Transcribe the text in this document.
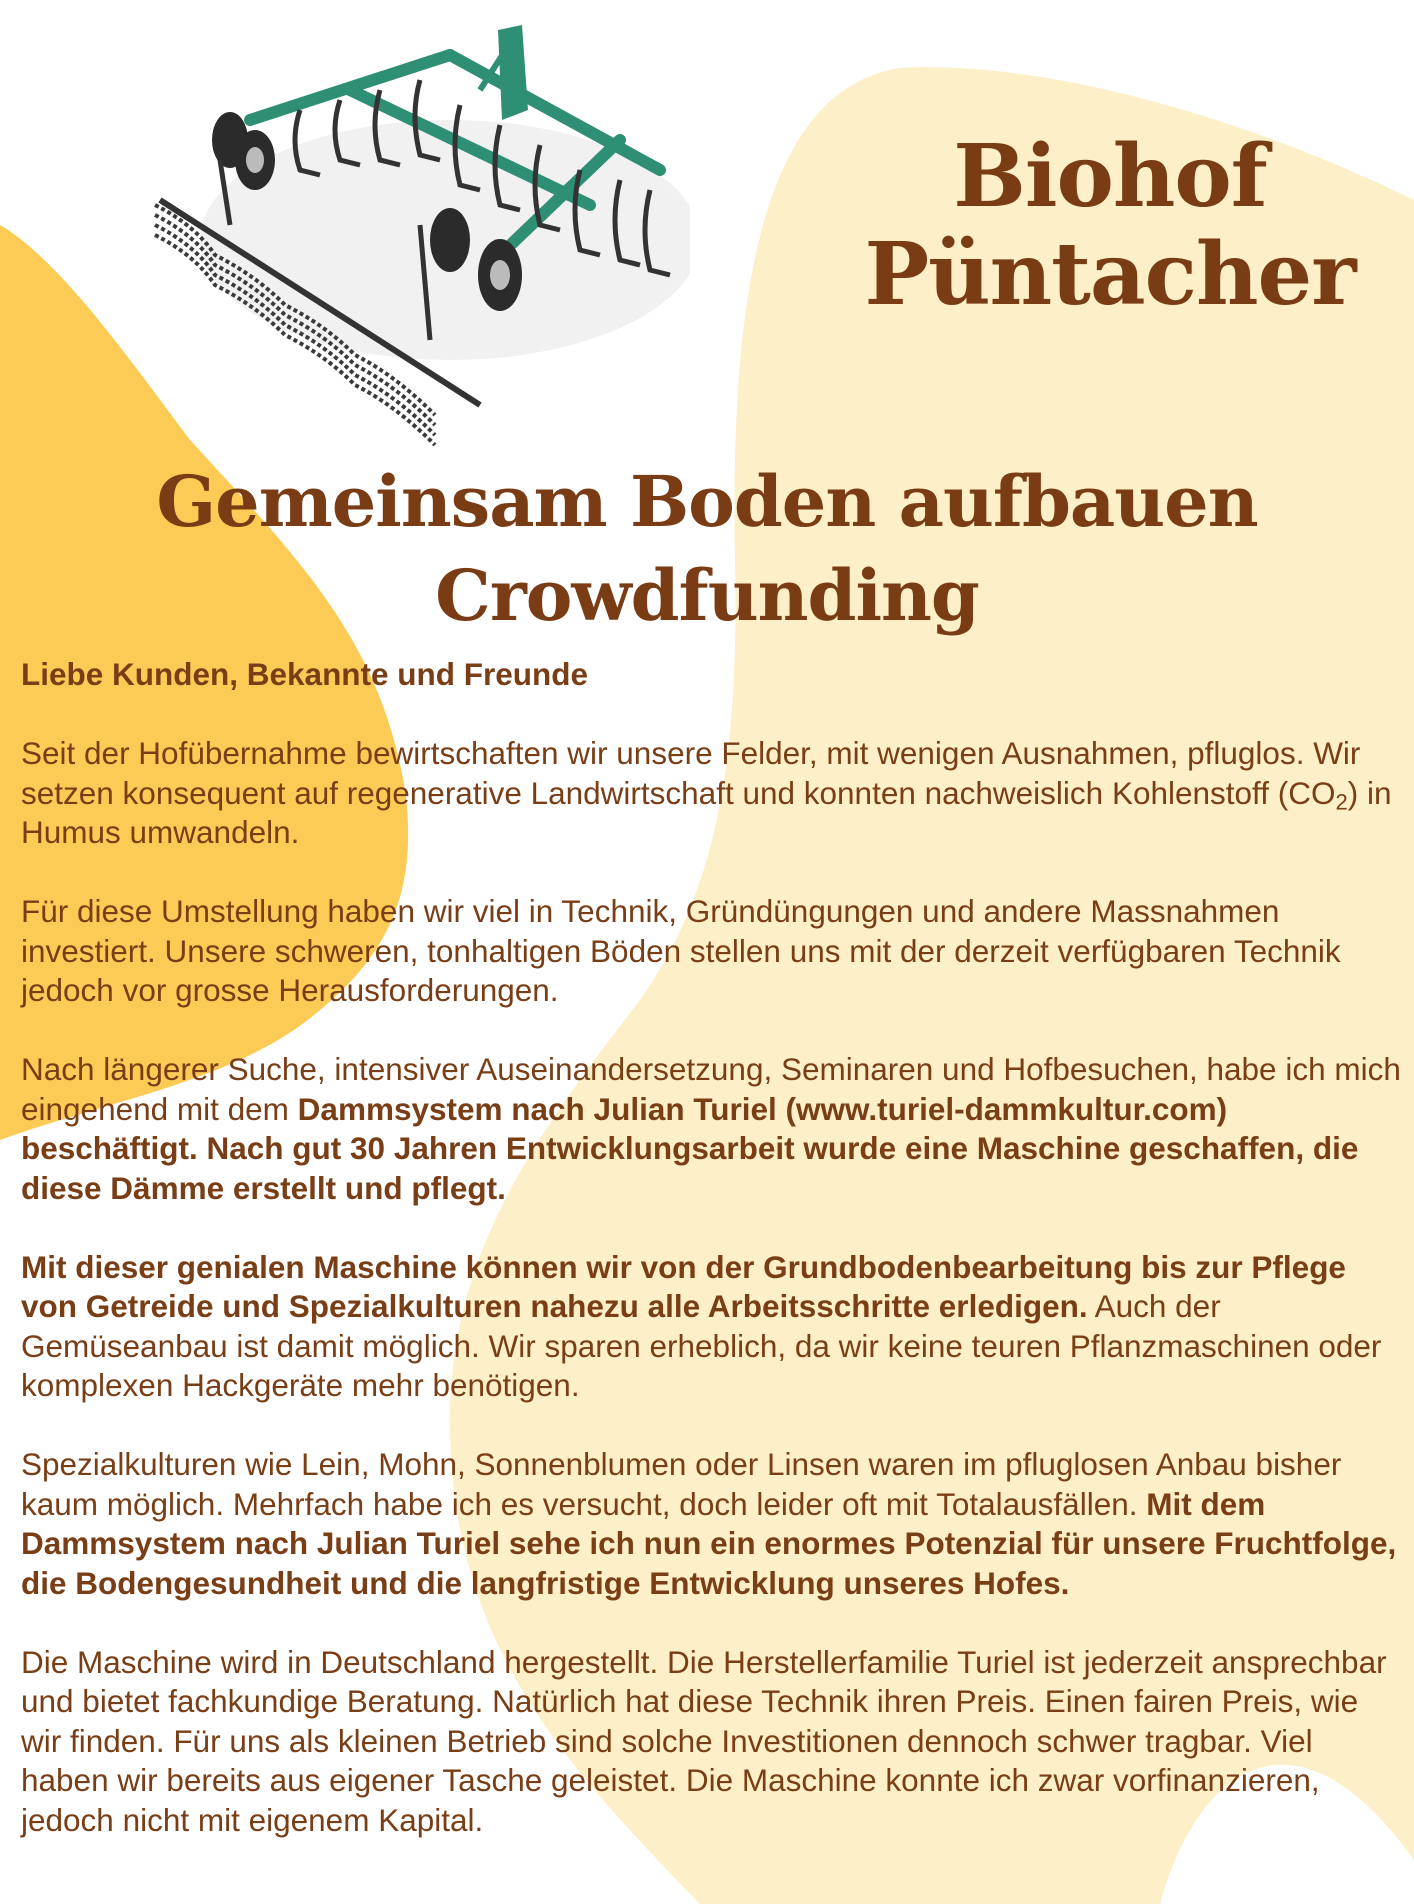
Biohof
Püntacher
Gemeinsam Boden aufbauen
Crowdfunding

Liebe Kunden, Bekannte und Freunde

Seit der Hofübernahme bewirtschaften wir unsere Felder, mit wenigen Ausnahmen, pfluglos. Wir setzen konsequent auf regenerative Landwirtschaft und konnten nachweislich Kohlenstoff $(CO_2)$ in Humus umwandeln.

Für diese Umstellung haben wir viel in Technik, Gründüngungen und andere Massnahmen investiert. Unsere schweren, tonhaltigen Böden stellen uns mit der derzeit verfügbaren Technik jedoch vor grosse Herausforderungen.

Nach längerer Suche, intensiver Auseinandersetzung, Seminaren und Hofbesuchen, habe ich mich eingehend mit dem Dammsystem nach Julian Turiel (www.turiel-dammkultur.com) beschäftigt. Nach gut 30 Jahren Entwicklungsarbeit wurde eine Maschine geschaffen, die diese Dämme erstellt und pflegt.

Mit dieser genialen Maschine können wir von der Grundbodenbearbeitung bis zur Pflege von Getreide und Spezialkulturen nahezu alle Arbeitsschritte erledigen. Auch der Gemüseanbau ist damit möglich. Wir sparen erheblich, da wir keine teuren Pflanzmaschinen oder komplexen Hackgeräte mehr benötigen.

Spezialkulturen wie Lein, Mohn, Sonnenblumen oder Linsen waren im pfluglosen Anbau bisher kaum möglich. Mehrfach habe ich es versucht, doch leider oft mit Totalausfällen. Mit dem Dammsystem nach Julian Turiel sehe ich nun ein enormes Potenzial für unsere Fruchtfolge, die Bodengesundheit und die langfristige Entwicklung unseres Hofes.

Die Maschine wird in Deutschland hergestellt. Die Herstellerfamilie Turiel ist jederzeit ansprechbar und bietet fachkundige Beratung. Natürlich hat diese Technik ihren Preis. Einen fairen Preis, wie wir finden. Für uns als kleinen Betrieb sind solche Investitionen dennoch schwer tragbar. Viel haben wir bereits aus eigener Tasche geleistet. Die Maschine konnte ich zwar vorfinanzieren, jedoch nicht mit eigenem Kapital.
